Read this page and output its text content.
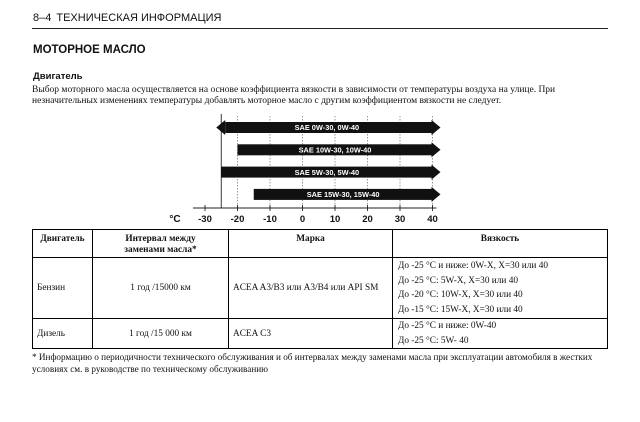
8–4 ТЕХНИЧЕСКАЯ ИНФОРМАЦИЯ
МОТОРНОЕ МАСЛО
Двигатель
Выбор моторного масла осуществляется на основе коэффициента вязкости в зависимости от температуры воздуха на улице. При незначительных изменениях температуры добавлять моторное масло с другим коэффициентом вязкости не следует.
-30 -20 -10 0	10 20 30 40
°C
SAE 0W-30, 0W-40
SAE 10W-30, 10W-40
SAE 5W-30, 5W-40
SAE 15W-30, 15W-40
Двигатель	Интервал между заменами масла*	Марка	Вязкость
Бензин	1 год /15000 км	ACEA A3/B3 или A3/B4 или API SM	До -25 °C и ниже: 0W-X, X=30 или 40
До -25 °C: 5W-X, X=30 или 40
До -20 °C: 10W-X, X=30 или 40
До -15 °C: 15W-X, X=30 или 40

Дизель	1 год /15 000 км	ACEA C3	До -25 °C и ниже: 0W-40
До -25 °C: 5W- 40
* Информацию о периодичности технического обслуживания и об интервалах между заменами масла при эксплуатации автомобиля в жестких условиях см. в руководстве по техническому обслуживанию
